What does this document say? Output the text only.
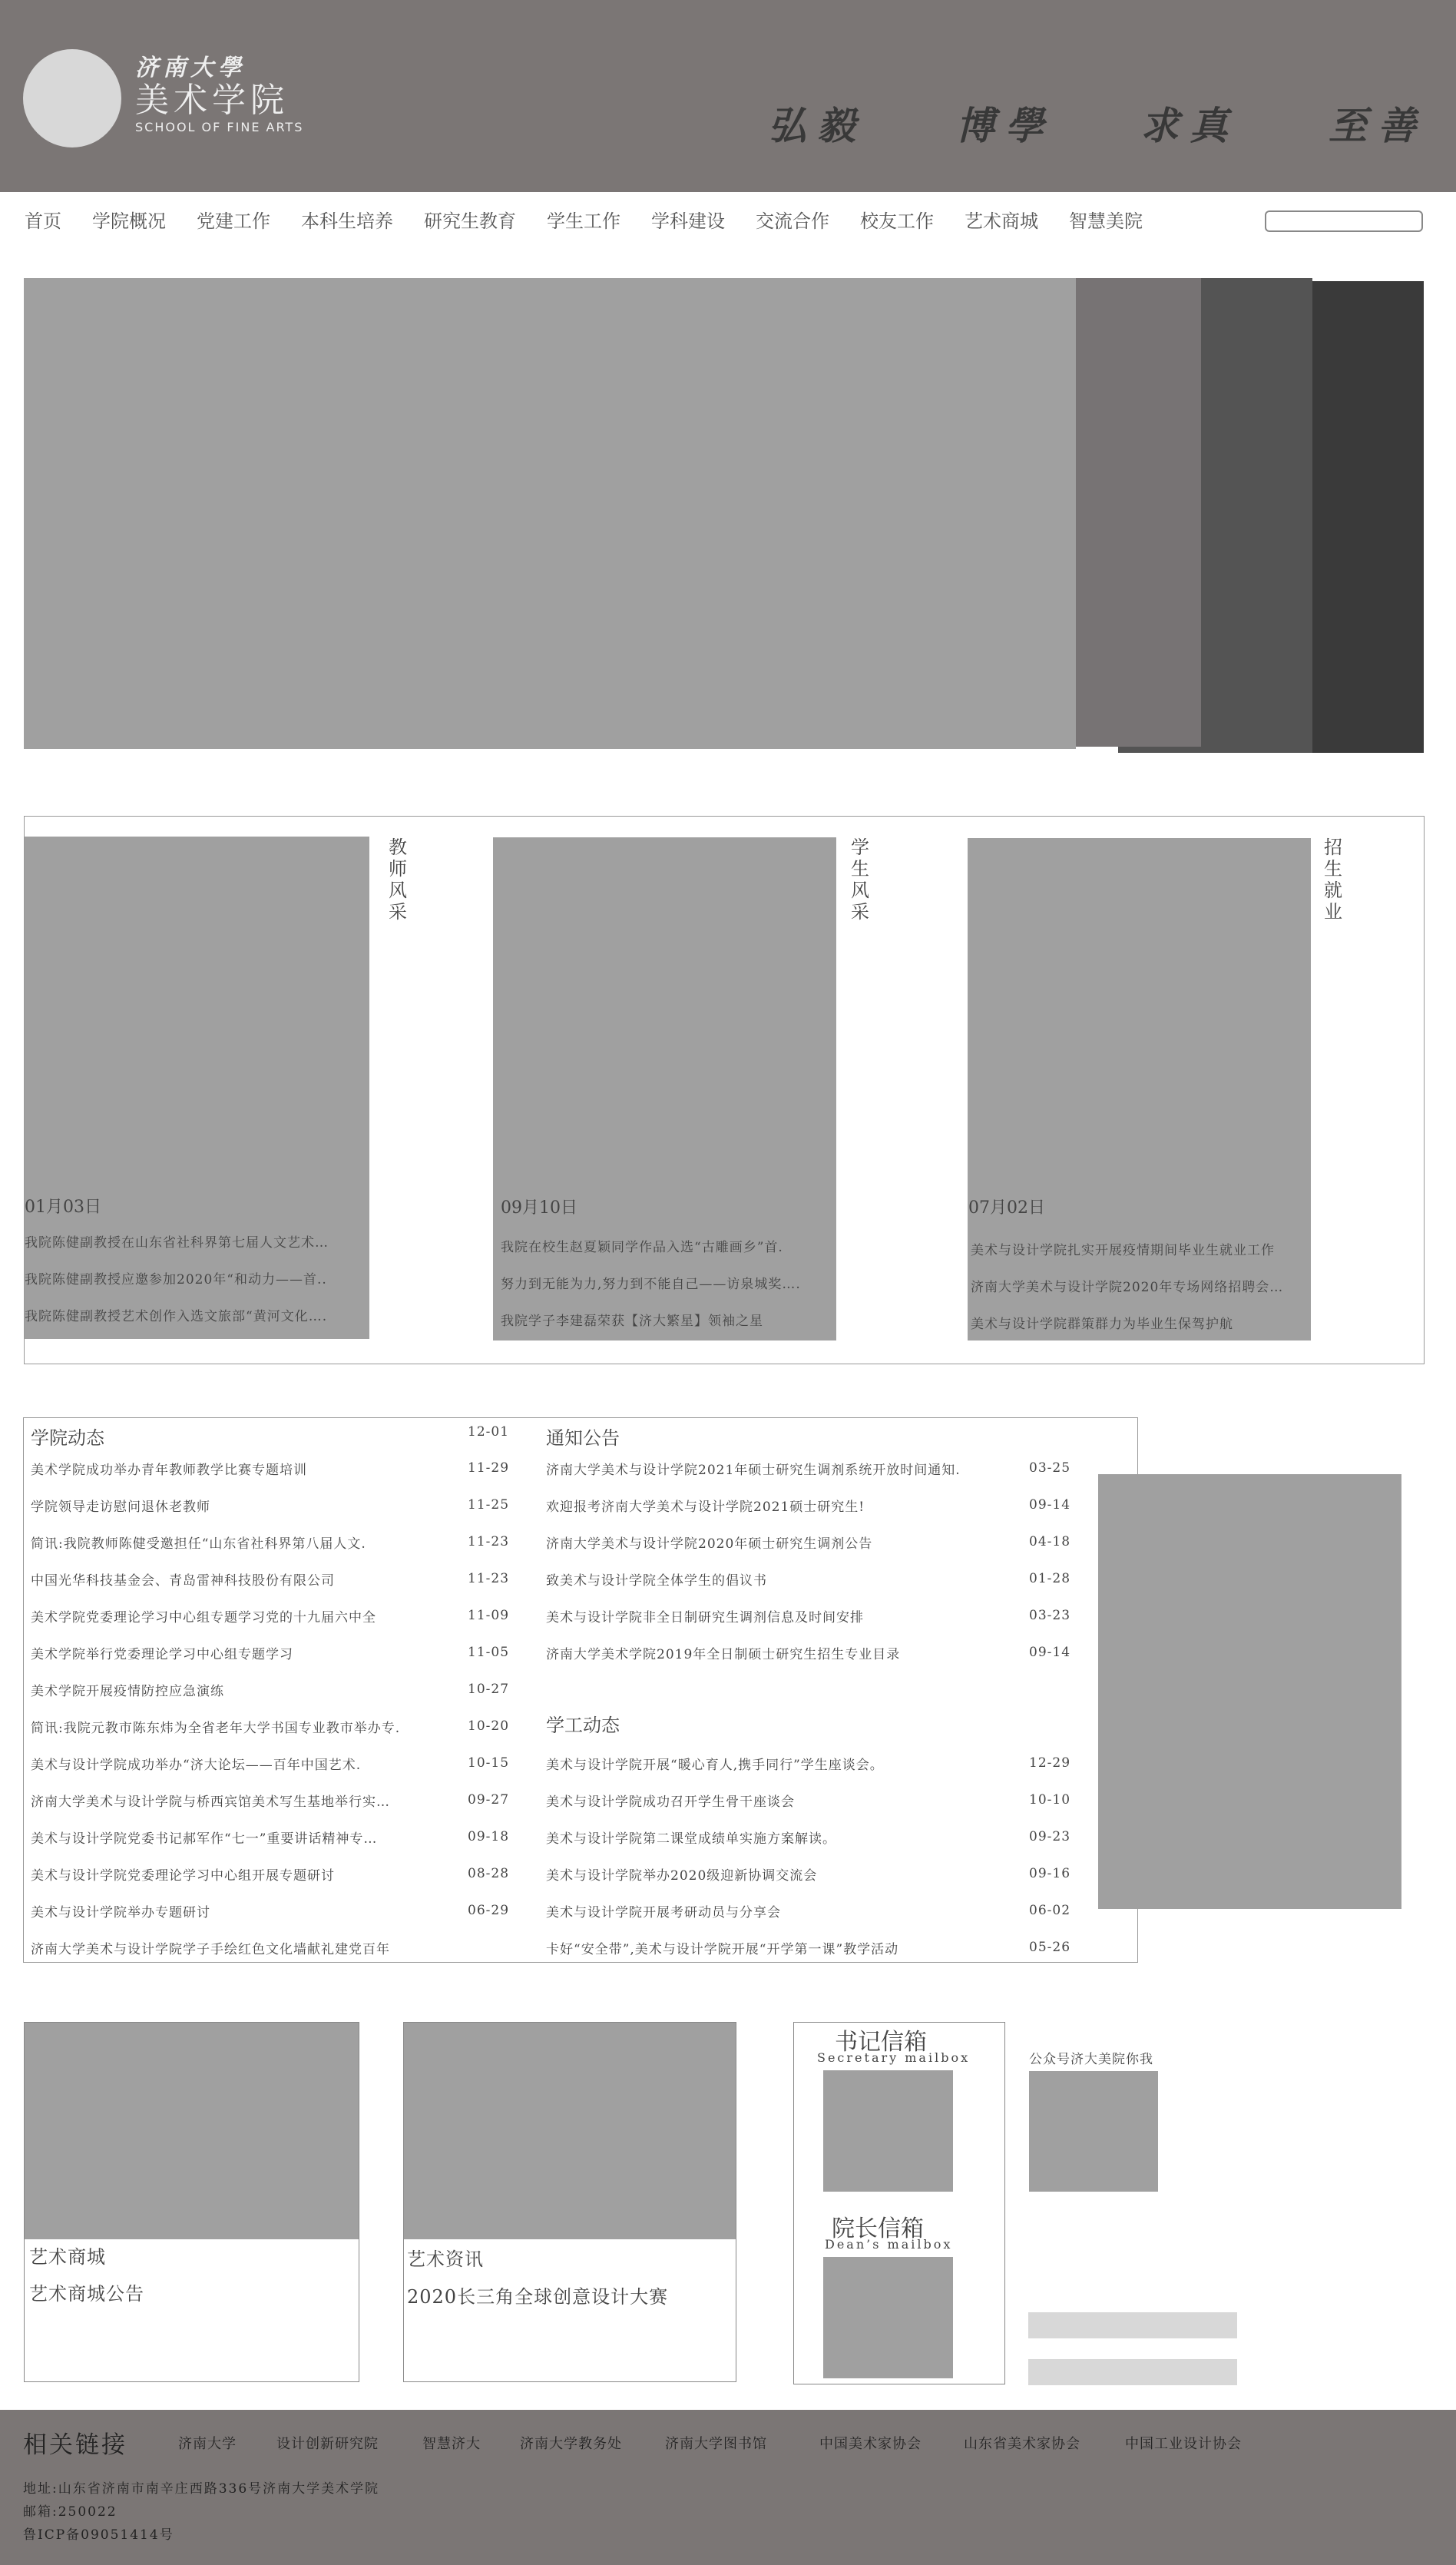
济南大學
美术学院
SCHOOL OF FINE ARTS	弘毅 博學 求真 至善
首页 学院概况 党建工作 本科生培养 研究生教育 学生工作 学科建设 交流合作 校友工作 艺术商城 智慧美院
教师风采
01月03日
我院陈健副教授在山东省社科界第七届人文艺术…
我院陈健副教授应邀参加2020年“和动力——首..
我院陈健副教授艺术创作入选文旅部“黄河文化….
学生风采
09月10日
我院在校生赵夏颖同学作品入选“古雕画乡”首.
努力到无能为力,努力到不能自己——访泉城奖….
我院学子李建磊荣获【济大繁星】领袖之星
招生就业
07月02日
美术与设计学院扎实开展疫情期间毕业生就业工作
济南大学美术与设计学院2020年专场网络招聘会…
美术与设计学院群策群力为毕业生保驾护航
学院动态	12-01
美术学院成功举办青年教师教学比赛专题培训	11-29
学院领导走访慰问退休老教师	11-25
简讯:我院教师陈健受邀担任“山东省社科界第八届人文.	11-23
中国光华科技基金会、青岛雷神科技股份有限公司	11-23
美术学院党委理论学习中心组专题学习党的十九届六中全	11-09
美术学院举行党委理论学习中心组专题学习	11-05
美术学院开展疫情防控应急演练	10-27
简讯:我院元教市陈东炜为全省老年大学书国专业教市举办专.	10-20
美术与设计学院成功举办“济大论坛——百年中国艺术.	10-15
济南大学美术与设计学院与桥西宾馆美术写生基地举行实…	09-27
美术与设计学院党委书记郝军作“七一”重要讲话精神专…	09-18
美术与设计学院党委理论学习中心组开展专题研讨	08-28
美术与设计学院举办专题研讨	06-29
济南大学美术与设计学院学子手绘红色文化墙献礼建党百年
通知公告
济南大学美术与设计学院2021年硕士研究生调剂系统开放时间通知.	03-25
欢迎报考济南大学美术与设计学院2021硕士研究生!	09-14
济南大学美术与设计学院2020年硕士研究生调剂公告	04-18
致美术与设计学院全体学生的倡议书	01-28
美术与设计学院非全日制研究生调剂信息及时间安排	03-23
济南大学美术学院2019年全日制硕士研究生招生专业目录	09-14
学工动态
美术与设计学院开展“暖心育人,携手同行”学生座谈会。	12-29
美术与设计学院成功召开学生骨干座谈会	10-10
美术与设计学院第二课堂成绩单实施方案解读。	09-23
美术与设计学院举办2020级迎新协调交流会	09-16
美术与设计学院开展考研动员与分享会	06-02
卡好“安全带”,美术与设计学院开展“开学第一课”教学活动	05-26
艺术商城
艺术商城公告
艺术资讯
2020长三角全球创意设计大赛
书记信箱
Secretary mailbox
院长信箱
Dean’s mailbox
公众号济大美院你我
相关链接	济南大学	设计创新研究院	智慧济大	济南大学教务处	济南大学图书馆	中国美术家协会	山东省美术家协会	中国工业设计协会
地址:山东省济南市南辛庄西路336号济南大学美术学院
邮箱:250022
鲁ICP备09051414号
